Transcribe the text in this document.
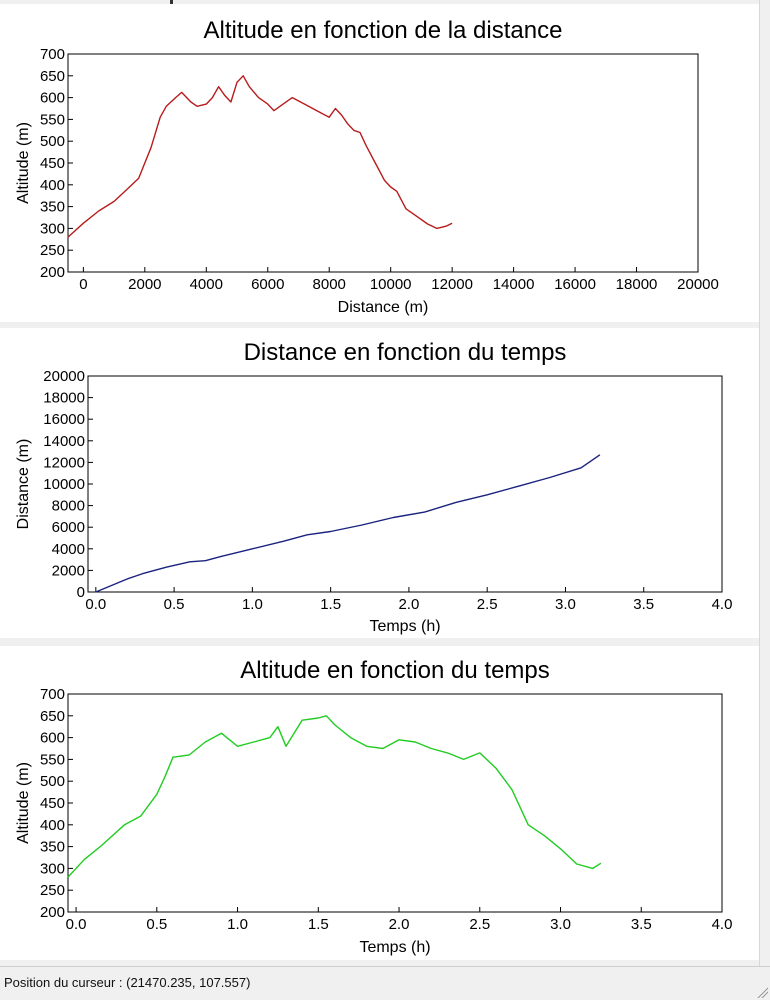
Altitude en fonction de la distance
0	2000 4000 6000 8000 10000 12000 14000 16000 18000 20000
200
250
300
350
400
450
500
550
600
650
700
Distance (m)
Altitude (m)
Distance en fonction du temps
0.0	0.5	1.0	1.5	2.0	2.5	3.0	3.5	4.0
0
2000
4000
6000
8000
10000
12000
14000
16000
18000
20000
Temps (h)
Distance (m)
Altitude en fonction du temps
0.0	0.5	1.0	1.5	2.0	2.5	3.0	3.5	4.0
200
250
300
350
400
450
500
550
600
650
700
Temps (h)
Altitude (m)
Position du curseur : (21470.235, 107.557)
